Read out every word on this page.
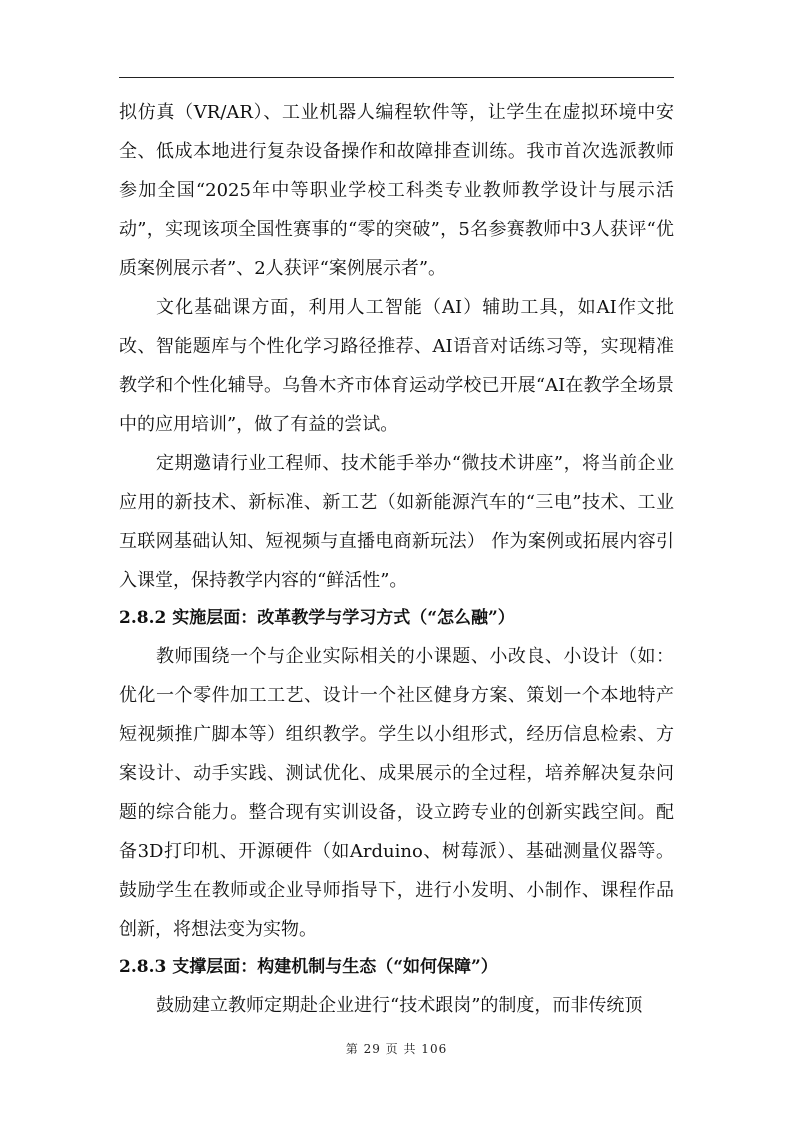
拟仿真（VR/AR）、工业机器人编程软件等，让学生在虚拟环境中安全、低成本地进行复杂设备操作和故障排查训练。我市首次选派教师参加全国“2025年中等职业学校工科类专业教师教学设计与展示活动”，实现该项全国性赛事的“零的突破”，5名参赛教师中3人获评“优质案例展示者”、2人获评“案例展示者”。

文化基础课方面，利用人工智能（AI）辅助工具，如AI作文批改、智能题库与个性化学习路径推荐、AI语音对话练习等，实现精准教学和个性化辅导。乌鲁木齐市体育运动学校已开展“AI在教学全场景中的应用培训”，做了有益的尝试。

定期邀请行业工程师、技术能手举办“微技术讲座”，将当前企业应用的新技术、新标准、新工艺（如新能源汽车的“三电”技术、工业互联网基础认知、短视频与直播电商新玩法） 作为案例或拓展内容引入课堂，保持教学内容的“鲜活性”。

2.8.2 实施层面：改革教学与学习方式（“怎么融”）

教师围绕一个与企业实际相关的小课题、小改良、小设计（如：优化一个零件加工工艺、设计一个社区健身方案、策划一个本地特产短视频推广脚本等）组织教学。学生以小组形式，经历信息检索、方案设计、动手实践、测试优化、成果展示的全过程，培养解决复杂问题的综合能力。整合现有实训设备，设立跨专业的创新实践空间。配备3D打印机、开源硬件（如Arduino、树莓派）、基础测量仪器等。鼓励学生在教师或企业导师指导下，进行小发明、小制作、课程作品创新，将想法变为实物。

2.8.3 支撑层面：构建机制与生态（“如何保障”）

鼓励建立教师定期赴企业进行“技术跟岗”的制度，而非传统顶

第 29 页 共 106
